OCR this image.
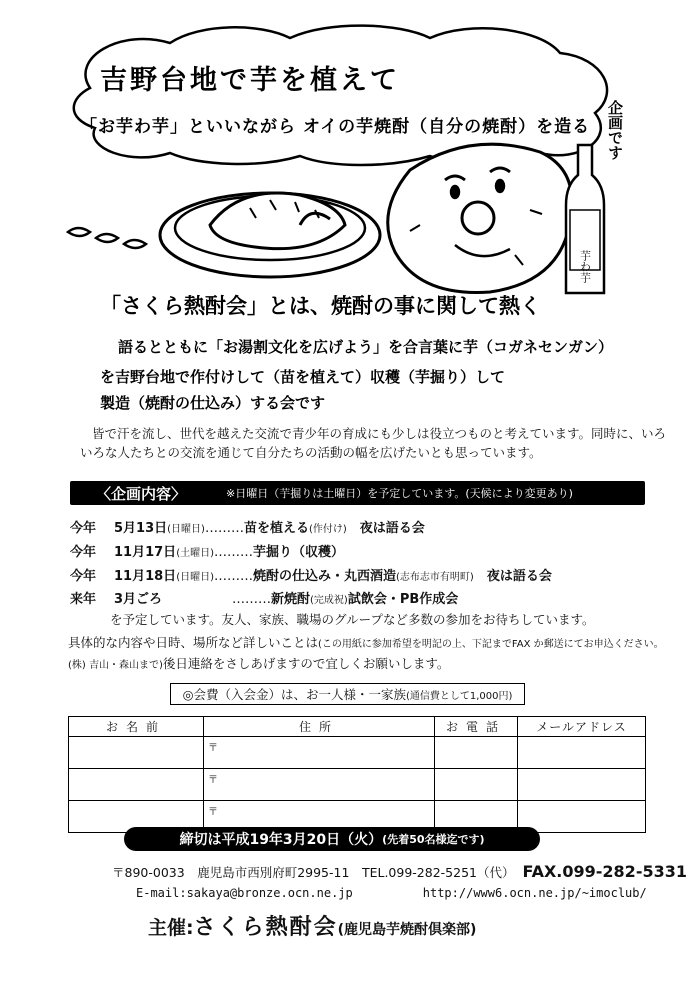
吉野台地で芋を植えて
「お芋わ芋」といいながら オイの芋焼酎（自分の焼酎）を造る 企画です
芋わ芋
「さくら熱酎会」とは、焼酎の事に関して熱く
語るとともに「お湯割文化を広げよう」を合言葉に芋（コガネセンガン）
を吉野台地で作付けして（苗を植えて）収穫（芋掘り）して
製造（焼酎の仕込み）する会です
皆で汗を流し、世代を越えた交流で青少年の育成にも少しは役立つものと考えています。同時に、いろいろな人たちとの交流を通じて自分たちの活動の幅を広げたいとも思っています。
〈企画内容〉	※日曜日（芋掘りは土曜日）を予定しています。(天候により変更あり)
今年 5月13日(日曜日)………苗を植える(作付け)　 夜は語る会
今年 11月17日(土曜日)………芋掘り（収穫）
今年 11月18日(日曜日)………焼酎の仕込み・丸西酒造(志布志市有明町)　 夜は語る会
来年 3月ごろ	………新焼酎(完成祝)試飲会・PB作成会
を予定しています。友人、家族、職場のグループなど多数の参加をお待ちしています。
具体的な内容や日時、場所など詳しいことは(この用紙に参加希望を明記の上、下記までFAX か郵送にてお申込ください。(株) 吉山・森山まで)後日連絡をさしあげますので宜しくお願いします。
◎会費（入会金）は、お一人様・一家族 (通信費として1,000円)
お名前	住所	お電話	メールアドレス
	〒		
	〒		
	〒		
締切は平成19年3月20日（火） (先着50名様迄です)
〒890-0033　 鹿児島市西別府町2995-11　 TEL.099-282-5251（代） FAX.099-282-5331
E-mail:sakaya@bronze.ocn.ne.jp	http://www6.ocn.ne.jp/~imoclub/
主催:さくら熱酎会(鹿児島芋焼酎倶楽部)
